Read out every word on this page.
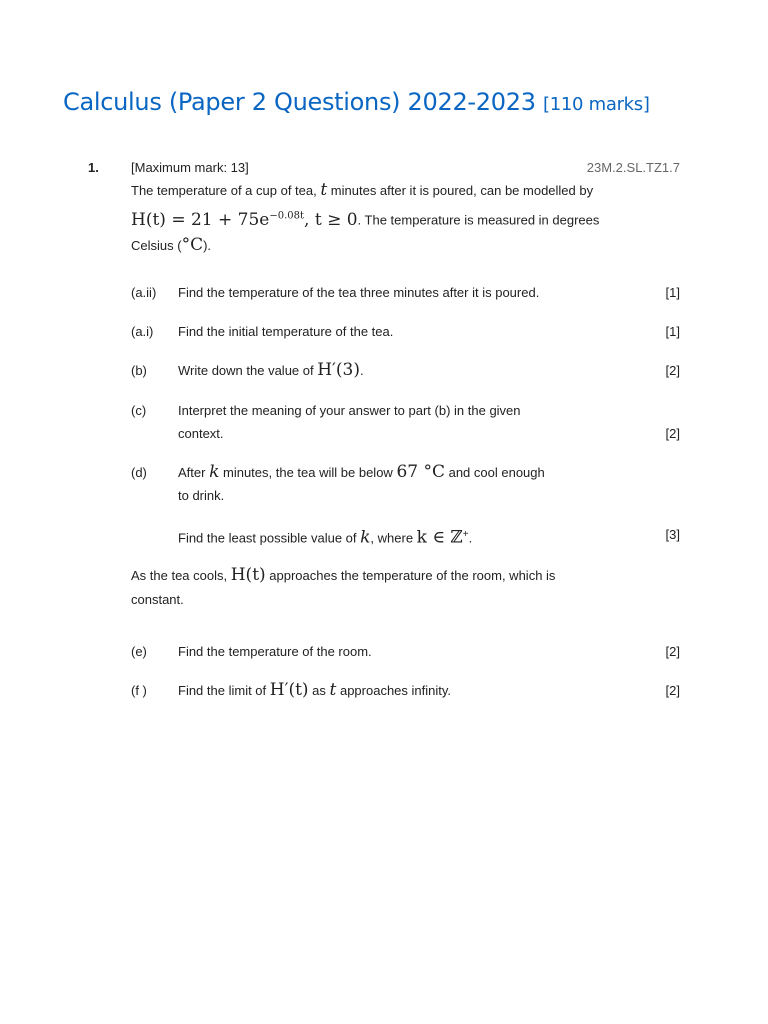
Calculus (Paper 2 Questions) 2022-2023 [110 marks]
1. [Maximum mark: 13]	23M.2.SL.TZ1.7
The temperature of a cup of tea, t minutes after it is poured, can be modelled by
$H(t) = 21 + 75e^{-0.08t}$, t ≥ 0. The temperature is measured in degrees
Celsius (°C).
(a.ii) Find the temperature of the tea three minutes after it is poured.	[1]
(a.i) Find the initial temperature of the tea.	[1]
(b) Write down the value of H′(3).	[2]
(c) Interpret the meaning of your answer to part (b) in the given
context.	[2]
(d) After k minutes, the tea will be below 67 °C and cool enough
to drink.
Find the least possible value of k, where k ∈ ℤ+.	[3]
As the tea cools, H(t) approaches the temperature of the room, which is
constant.
(e) Find the temperature of the room.	[2]
(f ) Find the limit of H′(t) as t approaches infinity.	[2]
